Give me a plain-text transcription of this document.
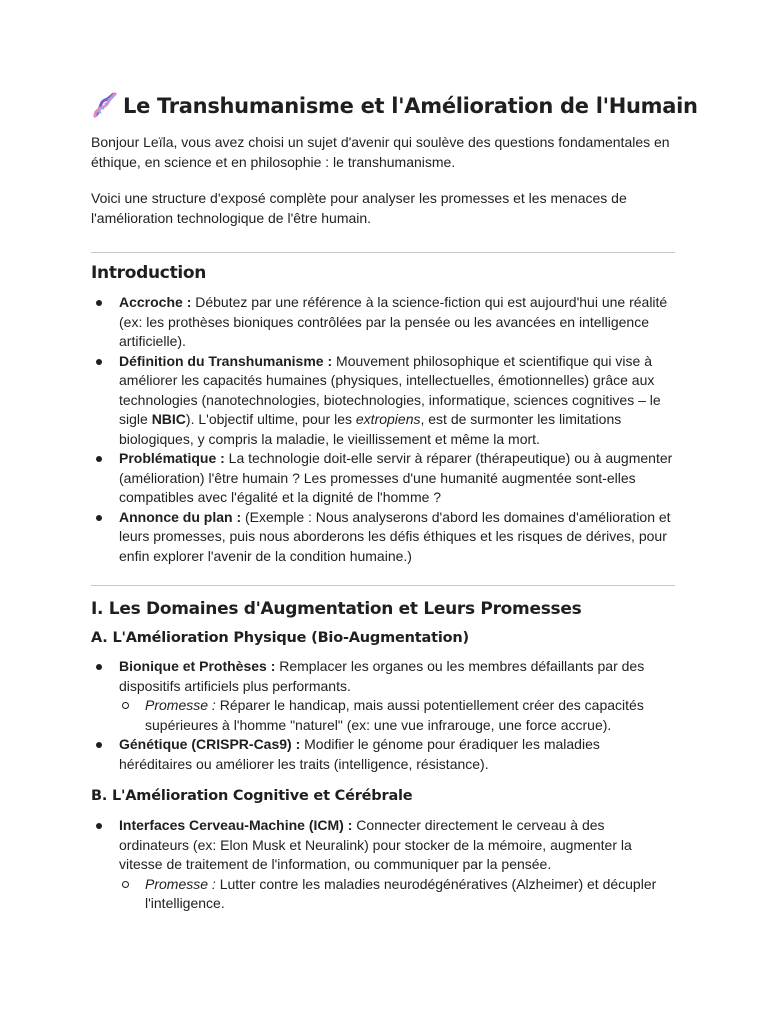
Le Transhumanisme et l'Amélioration de l'Humain

Bonjour Leïla, vous avez choisi un sujet d'avenir qui soulève des questions fondamentales en éthique, en science et en philosophie : le transhumanisme.

Voici une structure d'exposé complète pour analyser les promesses et les menaces de l'amélioration technologique de l'être humain.

Introduction
Accroche : Débutez par une référence à la science-fiction qui est aujourd'hui une réalité (ex: les prothèses bioniques contrôlées par la pensée ou les avancées en intelligence artificielle).
Définition du Transhumanisme : Mouvement philosophique et scientifique qui vise à améliorer les capacités humaines (physiques, intellectuelles, émotionnelles) grâce aux technologies (nanotechnologies, biotechnologies, informatique, sciences cognitives – le sigle NBIC). L'objectif ultime, pour les extropiens, est de surmonter les limitations biologiques, y compris la maladie, le vieillissement et même la mort.
Problématique : La technologie doit-elle servir à réparer (thérapeutique) ou à augmenter (amélioration) l'être humain ? Les promesses d'une humanité augmentée sont-elles compatibles avec l'égalité et la dignité de l'homme ?
Annonce du plan : (Exemple : Nous analyserons d'abord les domaines d'amélioration et leurs promesses, puis nous aborderons les défis éthiques et les risques de dérives, pour enfin explorer l'avenir de la condition humaine.)
I. Les Domaines d'Augmentation et Leurs Promesses
A. L'Amélioration Physique (Bio-Augmentation)
Bionique et Prothèses : Remplacer les organes ou les membres défaillants par des dispositifs artificiels plus performants.
Promesse : Réparer le handicap, mais aussi potentiellement créer des capacités supérieures à l'homme "naturel" (ex: une vue infrarouge, une force accrue).
Génétique (CRISPR-Cas9) : Modifier le génome pour éradiquer les maladies héréditaires ou améliorer les traits (intelligence, résistance).
B. L'Amélioration Cognitive et Cérébrale
Interfaces Cerveau-Machine (ICM) : Connecter directement le cerveau à des ordinateurs (ex: Elon Musk et Neuralink) pour stocker de la mémoire, augmenter la vitesse de traitement de l'information, ou communiquer par la pensée.
Promesse : Lutter contre les maladies neurodégénératives (Alzheimer) et décupler l'intelligence.
